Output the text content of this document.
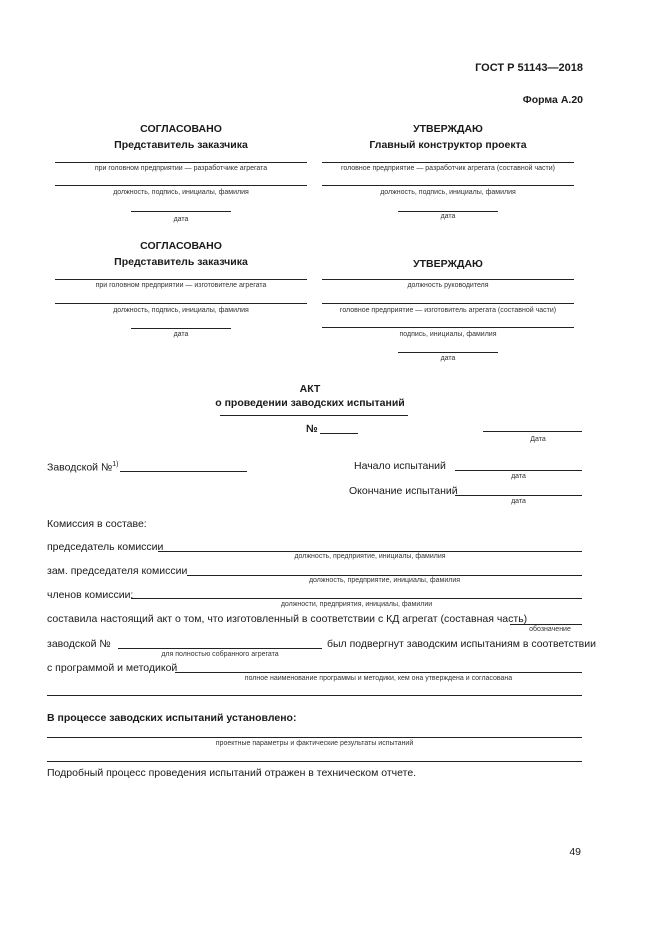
ГОСТ Р 51143—2018
Форма А.20
СОГЛАСОВАНО
Представитель заказчика
при головном предприятии — разработчике агрегата
должность, подпись, инициалы, фамилия
дата
УТВЕРЖДАЮ
Главный конструктор проекта
головное предприятие — разработчик агрегата (составной части)
должность, подпись, инициалы, фамилия
дата
СОГЛАСОВАНО
Представитель заказчика
при головном предприятии — изготовителе агрегата
должность, подпись, инициалы, фамилия
дата
УТВЕРЖДАЮ
должность руководителя
головное предприятие — изготовитель агрегата (составной части)
подпись, инициалы, фамилия
дата
АКТ
о проведении заводских испытаний
№
Дата
Заводской №$^{1)}$	Начало испытаний
дата
Окончание испытаний
дата
Комиссия в составе:
председатель комиссии
должность, предприятие, инициалы, фамилия
зам. председателя комиссии
должность, предприятие, инициалы, фамилия
членов комиссии:
должности, предприятия, инициалы, фамилии
составила настоящий акт о том, что изготовленный в соответствии с КД агрегат (составная часть)
обозначение
заводской №	был подвергнут заводским испытаниям в соответствии
для полностью собранного агрегата
с программой и методикой
полное наименование программы и методики, кем она утверждена и согласована
В процессе заводских испытаний установлено:
проектные параметры и фактические результаты испытаний
Подробный процесс проведения испытаний отражен в техническом отчете.
49
